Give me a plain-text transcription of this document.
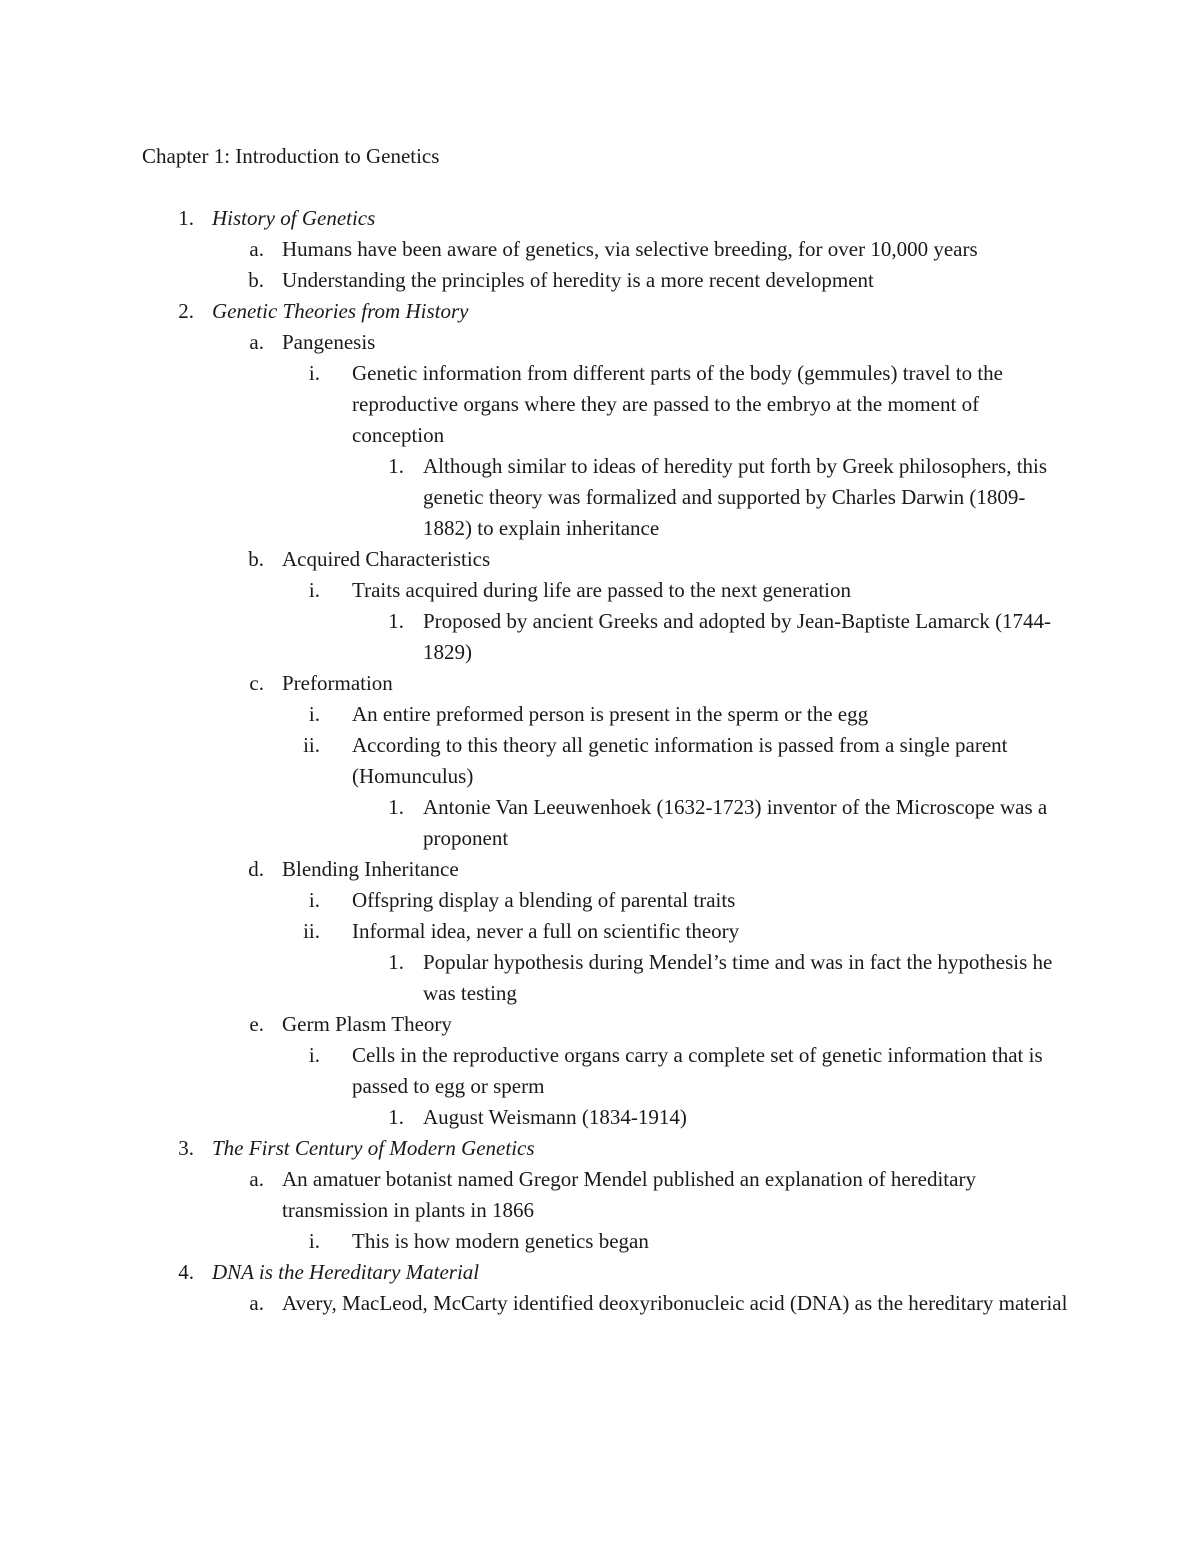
Chapter 1: Introduction to Genetics
1. History of Genetics
a. Humans have been aware of genetics, via selective breeding, for over 10,000 years
b. Understanding the principles of heredity is a more recent development
2. Genetic Theories from History
a. Pangenesis
i. Genetic information from different parts of the body (gemmules) travel to the reproductive organs where they are passed to the embryo at the moment of conception
1. Although similar to ideas of heredity put forth by Greek philosophers, this genetic theory was formalized and supported by Charles Darwin (1809-1882) to explain inheritance
b. Acquired Characteristics
i. Traits acquired during life are passed to the next generation
1. Proposed by ancient Greeks and adopted by Jean-Baptiste Lamarck (1744-1829)
c. Preformation
i. An entire preformed person is present in the sperm or the egg
ii. According to this theory all genetic information is passed from a single parent (Homunculus)
1. Antonie Van Leeuwenhoek (1632-1723) inventor of the Microscope was a proponent
d. Blending Inheritance
i. Offspring display a blending of parental traits
ii. Informal idea, never a full on scientific theory
1. Popular hypothesis during Mendel’s time and was in fact the hypothesis he was testing
e. Germ Plasm Theory
i. Cells in the reproductive organs carry a complete set of genetic information that is passed to egg or sperm
1. August Weismann (1834-1914)
3. The First Century of Modern Genetics
a. An amatuer botanist named Gregor Mendel published an explanation of hereditary transmission in plants in 1866
i. This is how modern genetics began
4. DNA is the Hereditary Material
a. Avery, MacLeod, McCarty identified deoxyribonucleic acid (DNA) as the hereditary material
